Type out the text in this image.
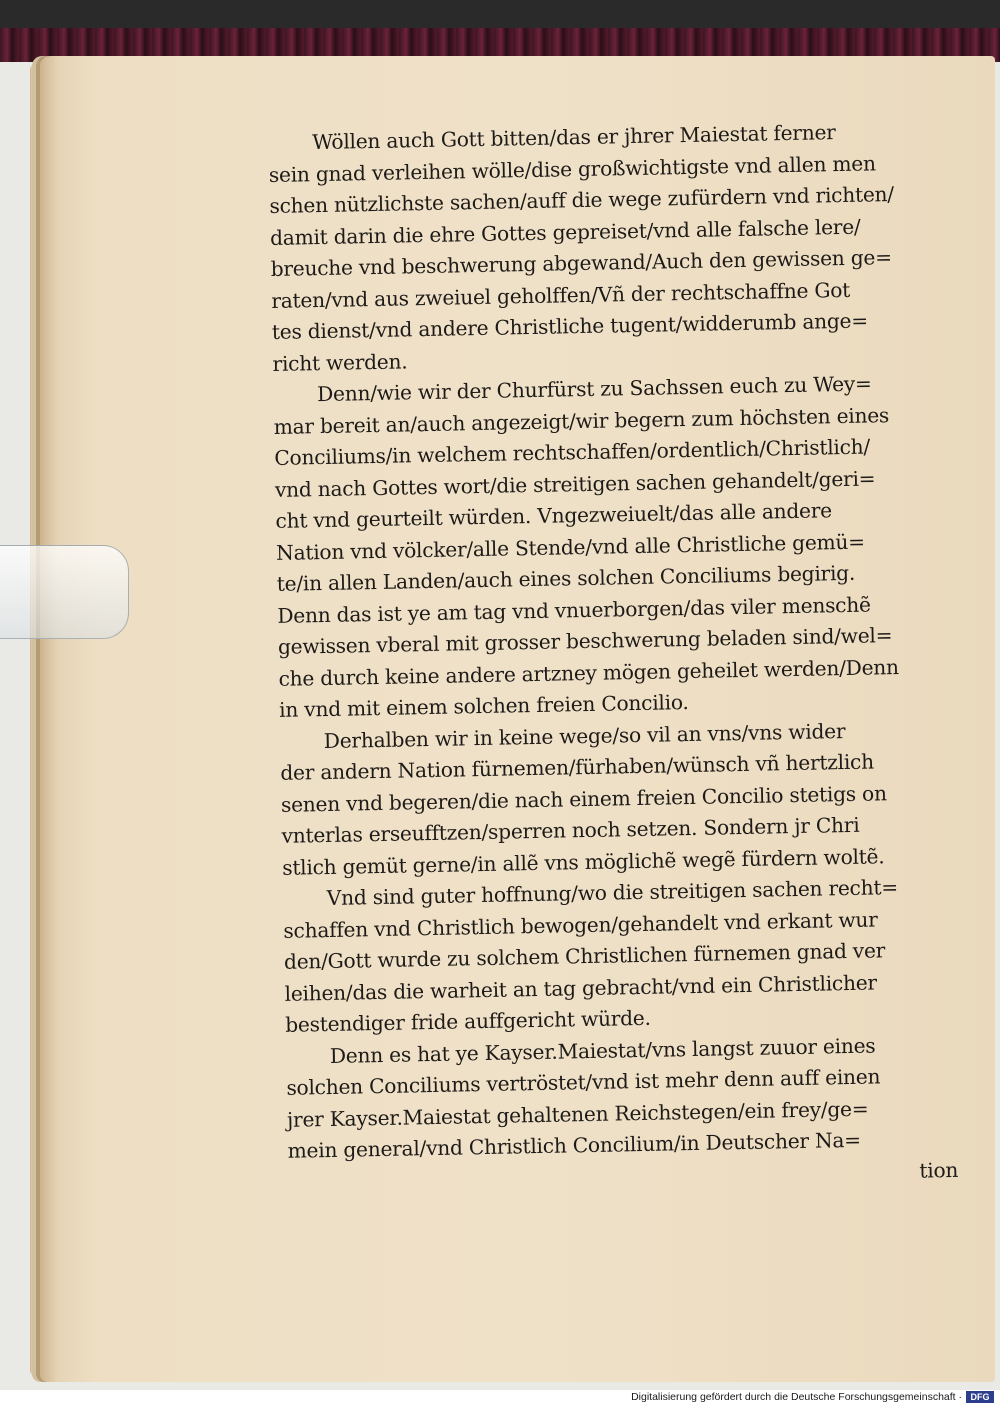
Wöllen auch Gott bitten/das er jhrer Maiestat ferner
sein gnad verleihen wölle/dise großwichtigste vnd allen men
schen nützlichste sachen/auff die wege zufürdern vnd richten/
damit darin die ehre Gottes gepreiset/vnd alle falsche lere/
breuche vnd beschwerung abgewand/Auch den gewissen ge=
raten/vnd aus zweiuel geholffen/Vñ der rechtschaffne Got
tes dienst/vnd andere Christliche tugent/widderumb ange=
richt werden.
Denn/wie wir der Churfürst zu Sachssen euch zu Wey=
mar bereit an/auch angezeigt/wir begern zum höchsten eines
Conciliums/in welchem rechtschaffen/ordentlich/Christlich/
vnd nach Gottes wort/die streitigen sachen gehandelt/geri=
cht vnd geurteilt würden. Vngezweiuelt/das alle andere
Nation vnd völcker/alle Stende/vnd alle Christliche gemü=
te/in allen Landen/auch eines solchen Conciliums begirig.
Denn das ist ye am tag vnd vnuerborgen/das viler menschẽ
gewissen vberal mit grosser beschwerung beladen sind/wel=
che durch keine andere artzney mögen geheilet werden/Denn
in vnd mit einem solchen freien Concilio.
Derhalben wir in keine wege/so vil an vns/vns wider
der andern Nation fürnemen/fürhaben/wünsch vñ hertzlich
senen vnd begeren/die nach einem freien Concilio stetigs on
vnterlas erseufftzen/sperren noch setzen. Sondern jr Chri
stlich gemüt gerne/in allẽ vns möglichẽ wegẽ fürdern woltẽ.
Vnd sind guter hoffnung/wo die streitigen sachen recht=
schaffen vnd Christlich bewogen/gehandelt vnd erkant wur
den/Gott wurde zu solchem Christlichen fürnemen gnad ver
leihen/das die warheit an tag gebracht/vnd ein Christlicher
bestendiger fride auffgericht würde.
Denn es hat ye Kayser.Maiestat/vns langst zuuor eines
solchen Conciliums vertröstet/vnd ist mehr denn auff einen
jrer Kayser.Maiestat gehaltenen Reichstegen/ein frey/ge=
mein general/vnd Christlich Concilium/in Deutscher Na=
tion
Digitalisierung gefördert durch die Deutsche Forschungsgemeinschaft · DFG
